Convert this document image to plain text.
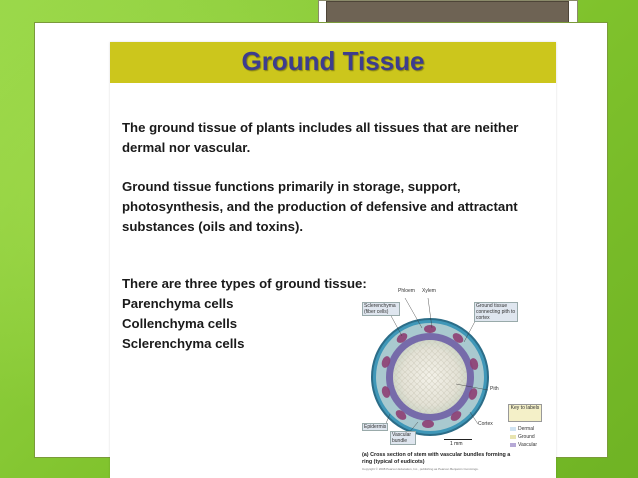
Ground Tissue

The ground tissue of plants includes all tissues that are neither dermal nor vascular.

Ground tissue functions primarily in storage, support, photosynthesis, and the production of defensive and attractant substances (oils and toxins).

There are three types of ground tissue:
Parenchyma cells
Collenchyma cells
Sclerenchyma cells
Phloem Xylem
Sclerenchyma (fiber cells)
Ground tissue connecting pith to cortex
Pith
Epidermis
Vascular bundle
Cortex
Key to labels
Dermal
Ground
Vascular
1 mm
(a) Cross section of stem with vascular bundles forming a ring (typical of eudicots)
Copyright © 2008 Pearson Education, Inc., publishing as Pearson Benjamin Cummings.
